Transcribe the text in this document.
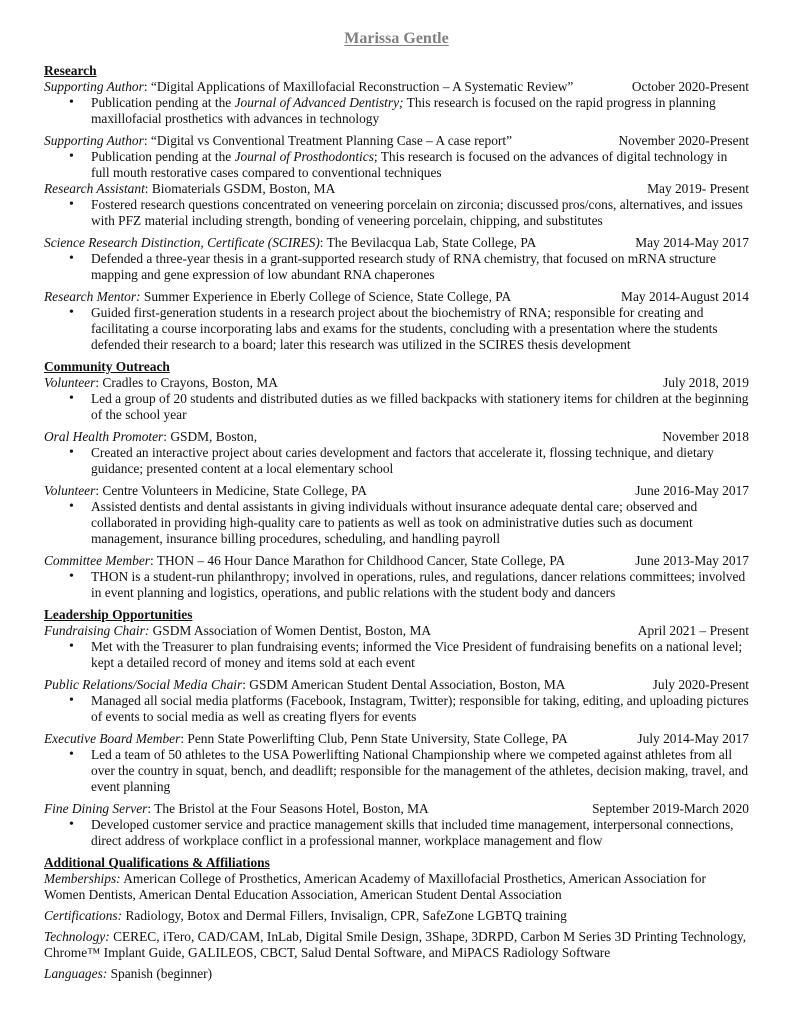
Marissa Gentle
Research
Supporting Author: “Digital Applications of Maxillofacial Reconstruction – A Systematic Review”	October 2020-Present
• Publication pending at the Journal of Advanced Dentistry; This research is focused on the rapid progress in planning maxillofacial prosthetics with advances in technology
Supporting Author: “Digital vs Conventional Treatment Planning Case – A case report”	November 2020-Present
• Publication pending at the Journal of Prosthodontics; This research is focused on the advances of digital technology in full mouth restorative cases compared to conventional techniques
Research Assistant: Biomaterials GSDM, Boston, MA	May 2019- Present
• Fostered research questions concentrated on veneering porcelain on zirconia; discussed pros/cons, alternatives, and issues with PFZ material including strength, bonding of veneering porcelain, chipping, and substitutes
Science Research Distinction, Certificate (SCIRES): The Bevilacqua Lab, State College, PA	May 2014-May 2017
• Defended a three-year thesis in a grant-supported research study of RNA chemistry, that focused on mRNA structure mapping and gene expression of low abundant RNA chaperones
Research Mentor: Summer Experience in Eberly College of Science, State College, PA	May 2014-August 2014
• Guided first-generation students in a research project about the biochemistry of RNA; responsible for creating and facilitating a course incorporating labs and exams for the students, concluding with a presentation where the students defended their research to a board; later this research was utilized in the SCIRES thesis development
Community Outreach
Volunteer: Cradles to Crayons, Boston, MA	July 2018, 2019
• Led a group of 20 students and distributed duties as we filled backpacks with stationery items for children at the beginning of the school year
Oral Health Promoter: GSDM, Boston,	November 2018
• Created an interactive project about caries development and factors that accelerate it, flossing technique, and dietary guidance; presented content at a local elementary school
Volunteer: Centre Volunteers in Medicine, State College, PA	June 2016-May 2017
• Assisted dentists and dental assistants in giving individuals without insurance adequate dental care; observed and collaborated in providing high-quality care to patients as well as took on administrative duties such as document management, insurance billing procedures, scheduling, and handling payroll
Committee Member: THON – 46 Hour Dance Marathon for Childhood Cancer, State College, PA	June 2013-May 2017
• THON is a student-run philanthropy; involved in operations, rules, and regulations, dancer relations committees; involved in event planning and logistics, operations, and public relations with the student body and dancers
Leadership Opportunities
Fundraising Chair: GSDM Association of Women Dentist, Boston, MA	April 2021 – Present
• Met with the Treasurer to plan fundraising events; informed the Vice President of fundraising benefits on a national level; kept a detailed record of money and items sold at each event
Public Relations/Social Media Chair: GSDM American Student Dental Association, Boston, MA	July 2020-Present
• Managed all social media platforms (Facebook, Instagram, Twitter); responsible for taking, editing, and uploading pictures of events to social media as well as creating flyers for events
Executive Board Member: Penn State Powerlifting Club, Penn State University, State College, PA	July 2014-May 2017
• Led a team of 50 athletes to the USA Powerlifting National Championship where we competed against athletes from all over the country in squat, bench, and deadlift; responsible for the management of the athletes, decision making, travel, and event planning
Fine Dining Server: The Bristol at the Four Seasons Hotel, Boston, MA	September 2019-March 2020
• Developed customer service and practice management skills that included time management, interpersonal connections, direct address of workplace conflict in a professional manner, workplace management and flow
Additional Qualifications & Affiliations
Memberships: American College of Prosthetics, American Academy of Maxillofacial Prosthetics, American Association for Women Dentists, American Dental Education Association, American Student Dental Association
Certifications: Radiology, Botox and Dermal Fillers, Invisalign, CPR, SafeZone LGBTQ training
Technology: CEREC, iTero, CAD/CAM, InLab, Digital Smile Design, 3Shape, 3DRPD, Carbon M Series 3D Printing Technology, Chrome™ Implant Guide, GALILEOS, CBCT, Salud Dental Software, and MiPACS Radiology Software
Languages: Spanish (beginner)
